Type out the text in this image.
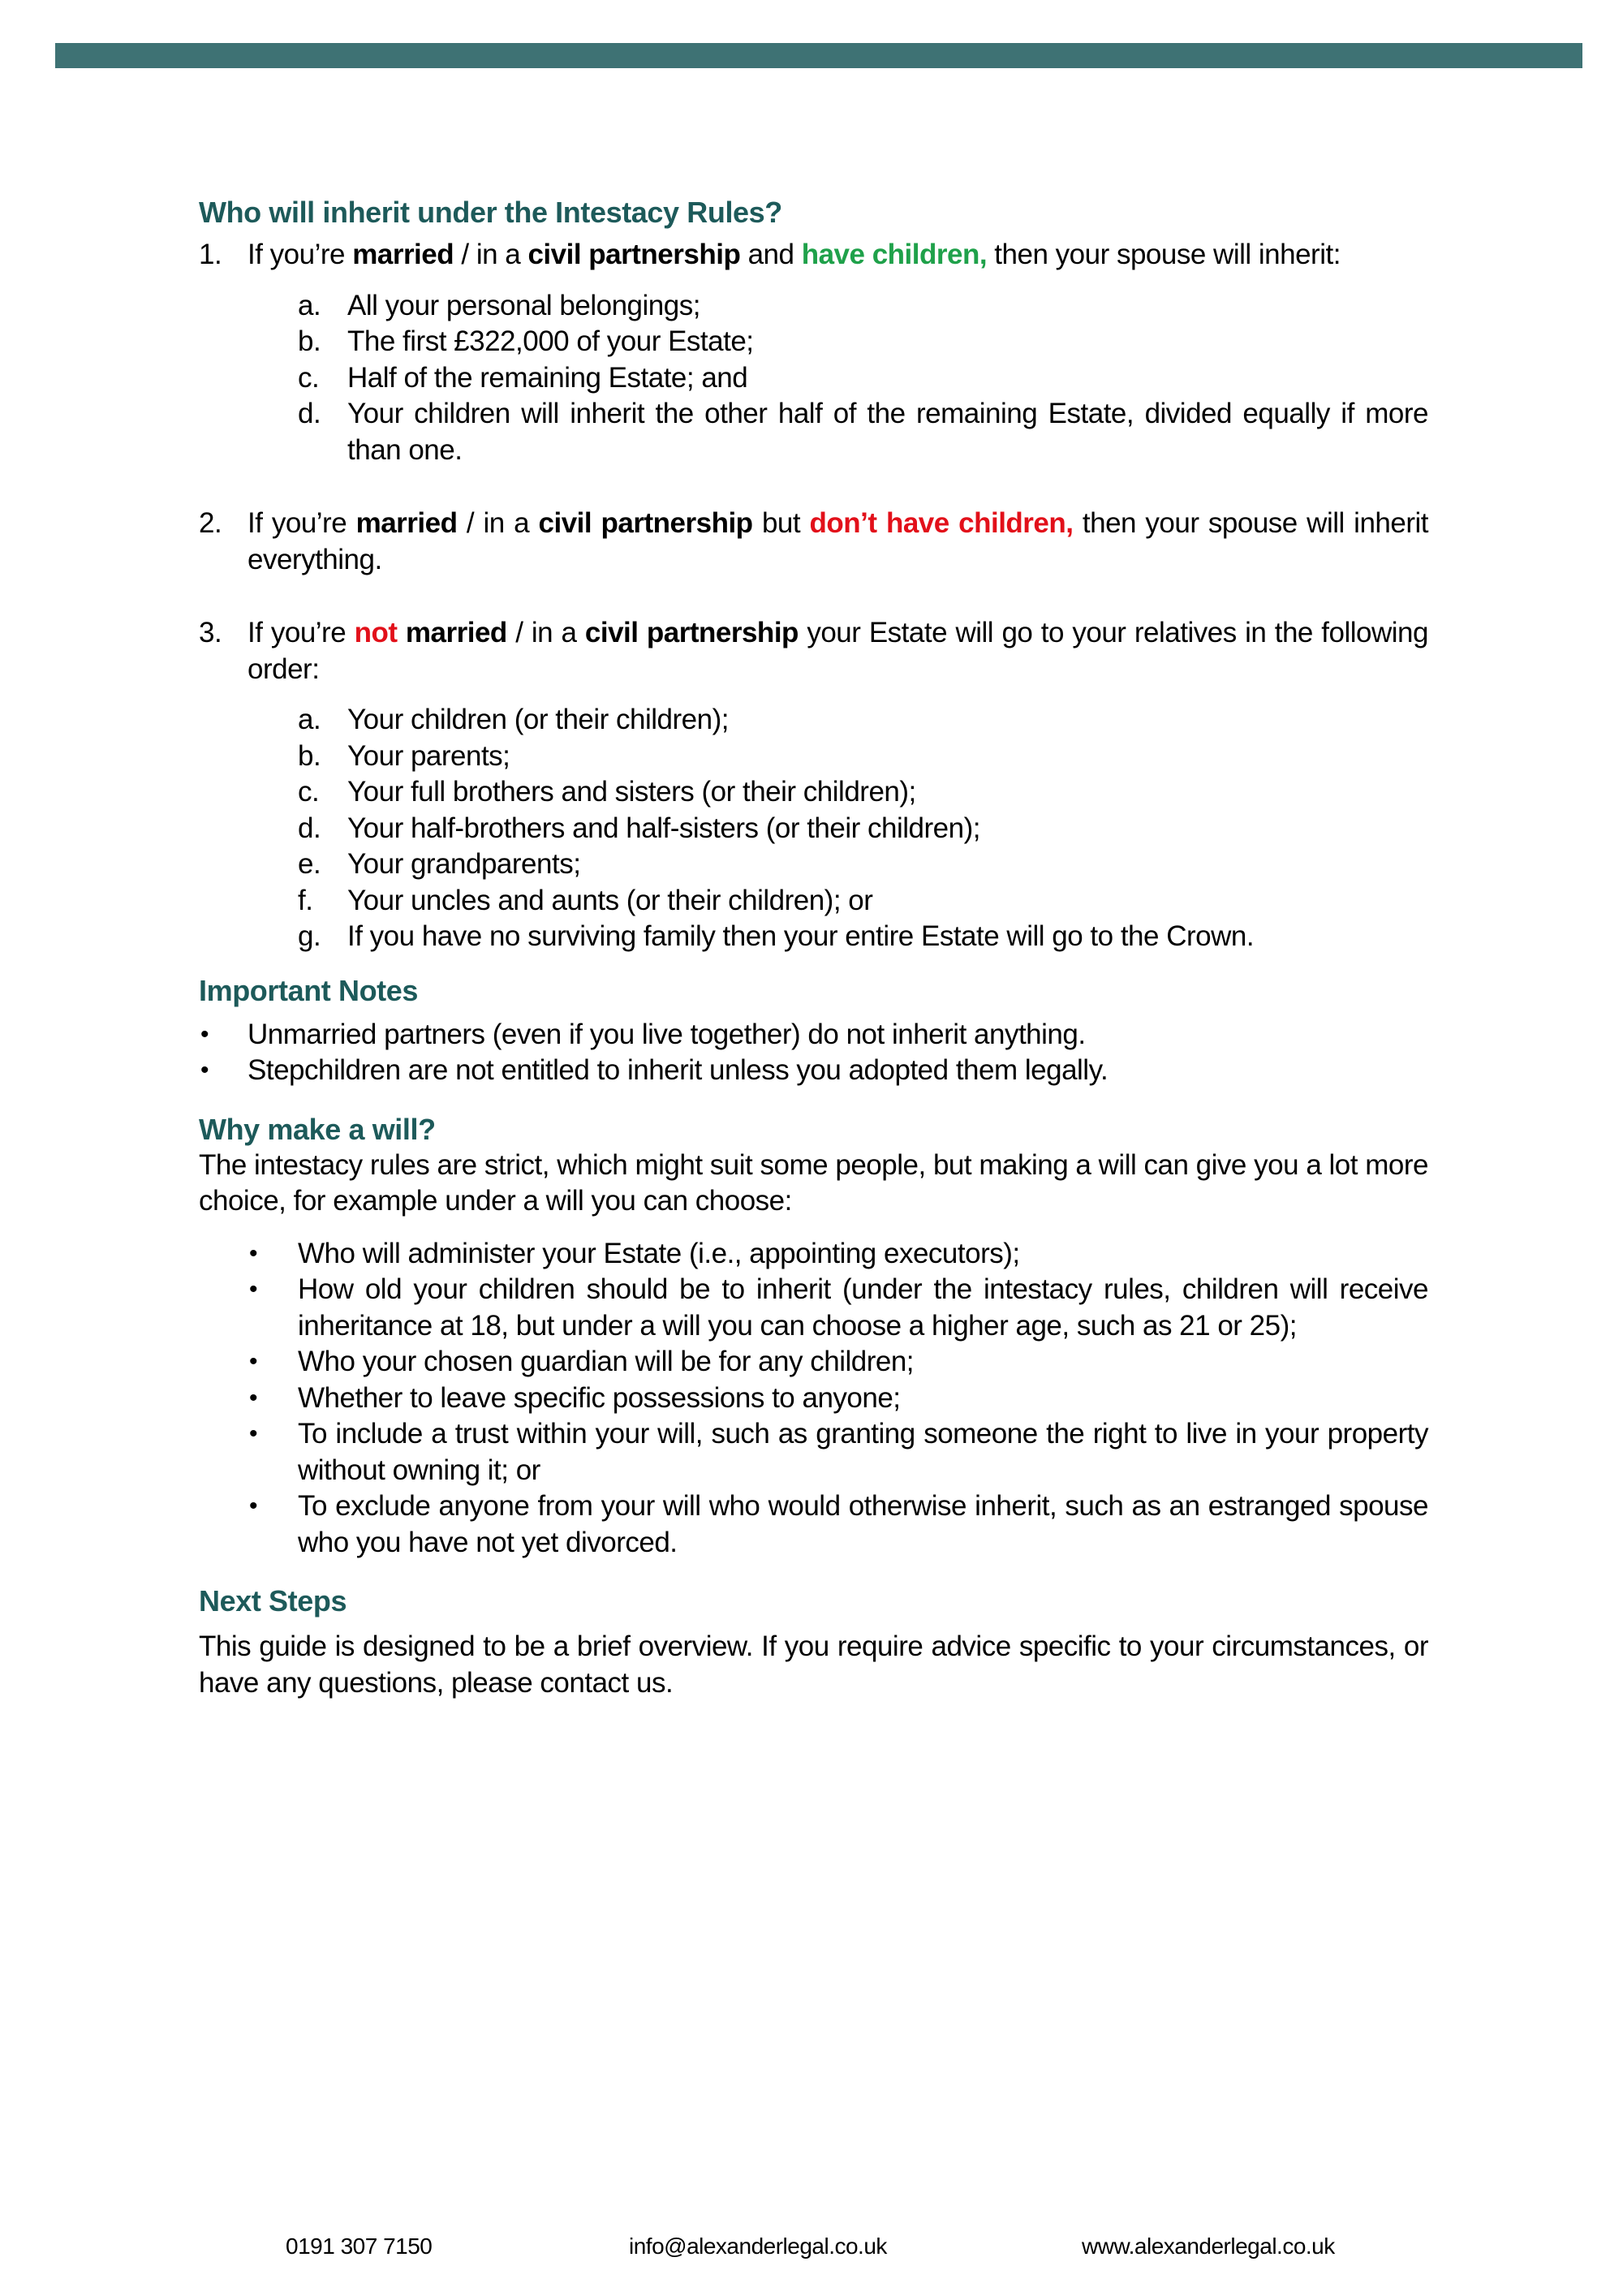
Who will inherit under the Intestacy Rules?
1. If you’re married / in a civil partnership and have children, then your spouse will inherit:
a. All your personal belongings;
b. The first £322,000 of your Estate;
c. Half of the remaining Estate; and
d. Your children will inherit the other half of the remaining Estate, divided equally if more than one.
2. If you’re married / in a civil partnership but don’t have children, then your spouse will inherit everything.
3. If you’re not married / in a civil partnership your Estate will go to your relatives in the following order:
a. Your children (or their children);
b. Your parents;
c. Your full brothers and sisters (or their children);
d. Your half-brothers and half-sisters (or their children);
e. Your grandparents;
f. Your uncles and aunts (or their children); or
g. If you have no surviving family then your entire Estate will go to the Crown.
Important Notes
• Unmarried partners (even if you live together) do not inherit anything.
• Stepchildren are not entitled to inherit unless you adopted them legally.
Why make a will?
The intestacy rules are strict, which might suit some people, but making a will can give you a lot more choice, for example under a will you can choose:
• Who will administer your Estate (i.e., appointing executors);
• How old your children should be to inherit (under the intestacy rules, children will receive inheritance at 18, but under a will you can choose a higher age, such as 21 or 25);
• Who your chosen guardian will be for any children;
• Whether to leave specific possessions to anyone;
• To include a trust within your will, such as granting someone the right to live in your property without owning it; or
• To exclude anyone from your will who would otherwise inherit, such as an estranged spouse who you have not yet divorced.
Next Steps
This guide is designed to be a brief overview. If you require advice specific to your circumstances, or have any questions, please contact us.
0191 307 7150	info@alexanderlegal.co.uk	www.alexanderlegal.co.uk
